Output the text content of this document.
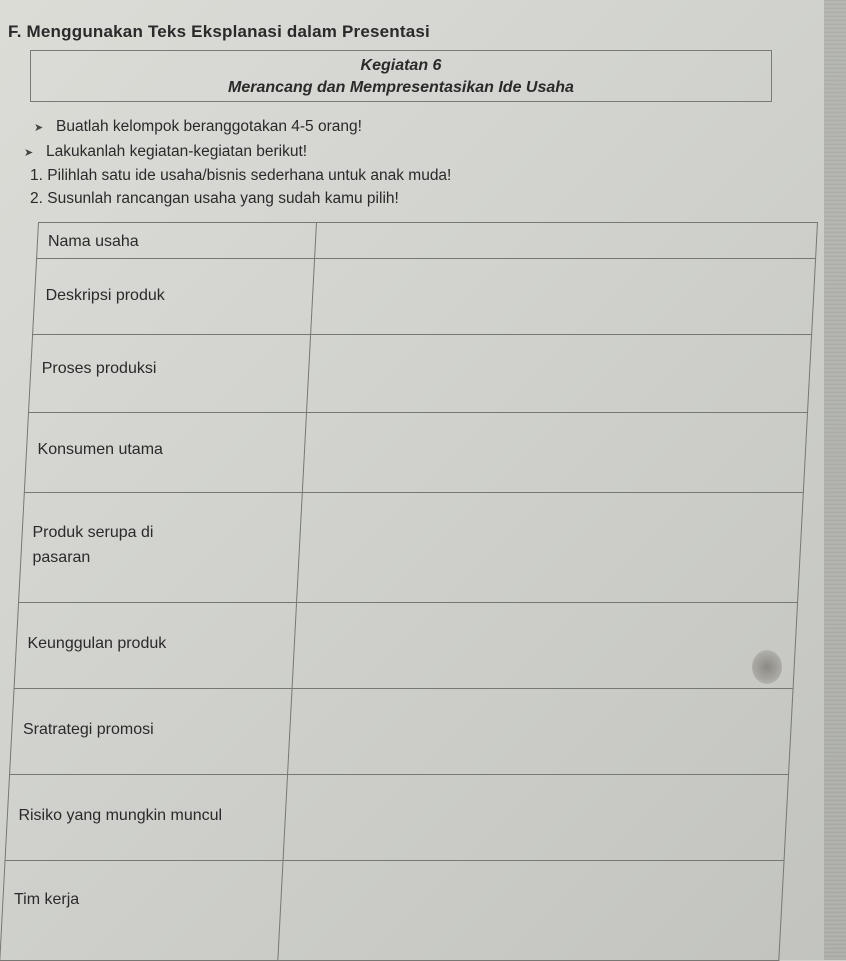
F. Menggunakan Teks Eksplanasi dalam Presentasi
Kegiatan 6
Merancang dan Mempresentasikan Ide Usaha
➤ Buatlah kelompok beranggotakan 4-5 orang!
➤ Lakukanlah kegiatan-kegiatan berikut!
1. Pilihlah satu ide usaha/bisnis sederhana untuk anak muda!
2. Susunlah rancangan usaha yang sudah kamu pilih!
Nama usaha	
Deskripsi produk	
Proses produksi	
Konsumen utama	
Produk serupa di pasaran	
Keunggulan produk	
Sratrategi promosi	
Risiko yang mungkin muncul	
Tim kerja	
